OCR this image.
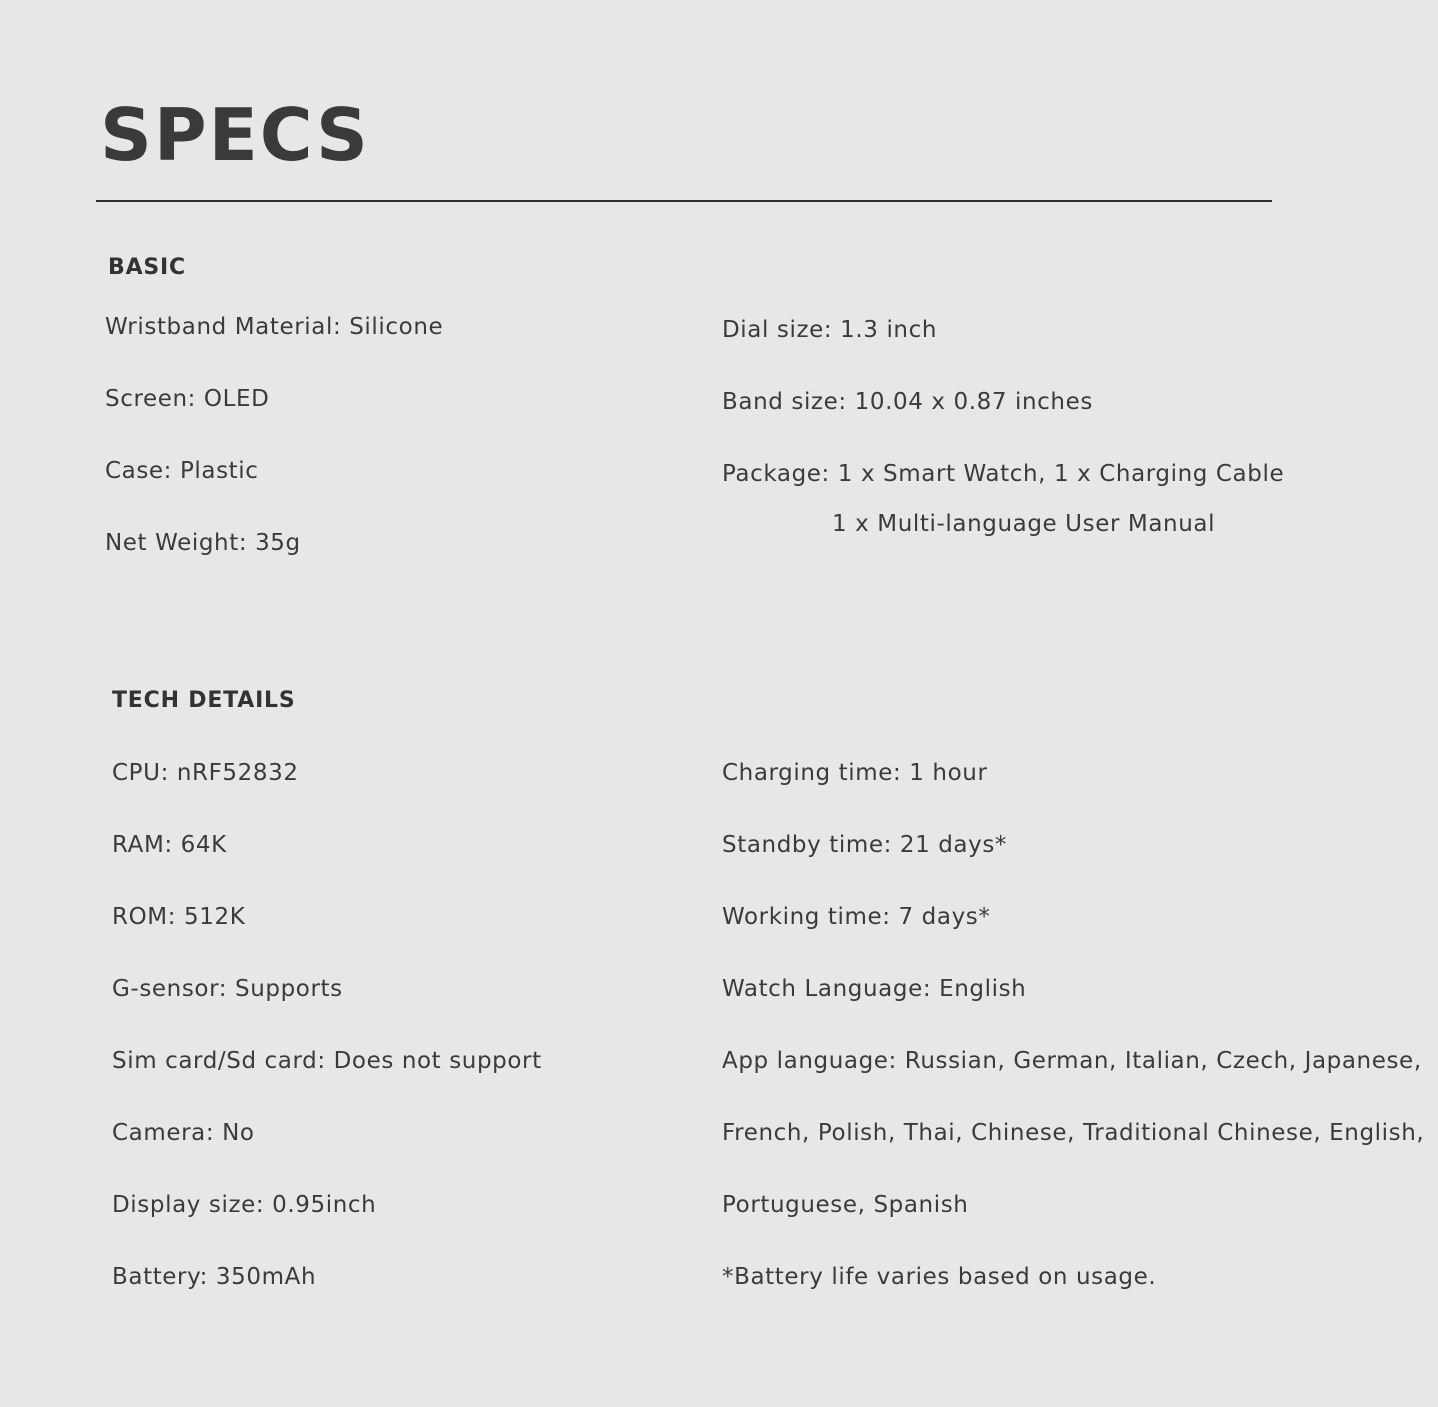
SPECS
BASIC
Wristband Material: Silicone
Screen: OLED
Case: Plastic
Net Weight: 35g
Dial size: 1.3 inch
Band size: 10.04 x 0.87 inches
Package: 1 x Smart Watch, 1 x Charging Cable
1 x Multi-language User Manual
TECH DETAILS
CPU: nRF52832
RAM: 64K
ROM: 512K
G-sensor: Supports
Sim card/Sd card: Does not support
Camera: No
Display size: 0.95inch
Battery: 350mAh
Charging time: 1 hour
Standby time: 21 days*
Working time: 7 days*
Watch Language: English
App language: Russian, German, Italian, Czech, Japanese,
French, Polish, Thai, Chinese, Traditional Chinese, English,
Portuguese, Spanish
*Battery life varies based on usage.
